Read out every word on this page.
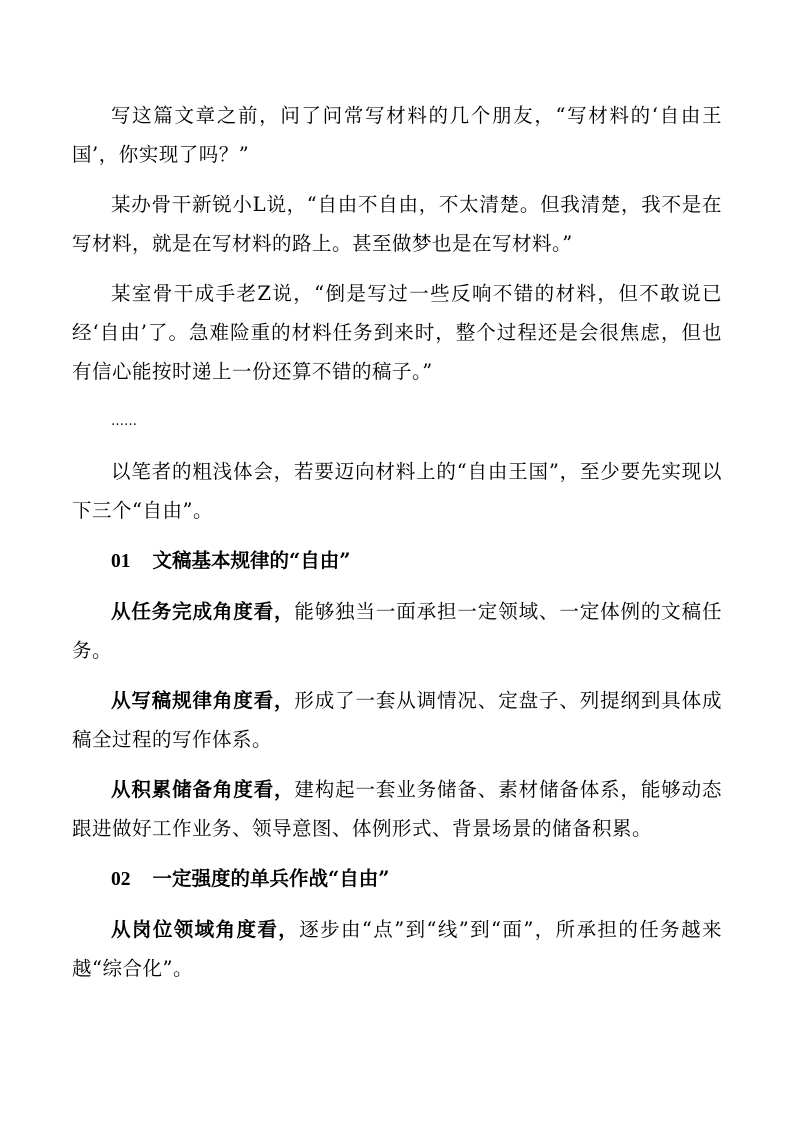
写这篇文章之前，问了问常写材料的几个朋友，“写材料的‘自由王国’，你实现了吗？”

某办骨干新锐小L说，“自由不自由，不太清楚。但我清楚，我不是在写材料，就是在写材料的路上。甚至做梦也是在写材料。”

某室骨干成手老Z说，“倒是写过一些反响不错的材料，但不敢说已经‘自由’了。急难险重的材料任务到来时，整个过程还是会很焦虑，但也有信心能按时递上一份还算不错的稿子。”

……

以笔者的粗浅体会，若要迈向材料上的“自由王国”，至少要先实现以下三个“自由”。

01 文稿基本规律的“自由”

从任务完成角度看，能够独当一面承担一定领域、一定体例的文稿任务。

从写稿规律角度看，形成了一套从调情况、定盘子、列提纲到具体成稿全过程的写作体系。

从积累储备角度看，建构起一套业务储备、素材储备体系，能够动态跟进做好工作业务、领导意图、体例形式、背景场景的储备积累。

02 一定强度的单兵作战“自由”

从岗位领域角度看，逐步由“点”到“线”到“面”，所承担的任务越来越“综合化”。
